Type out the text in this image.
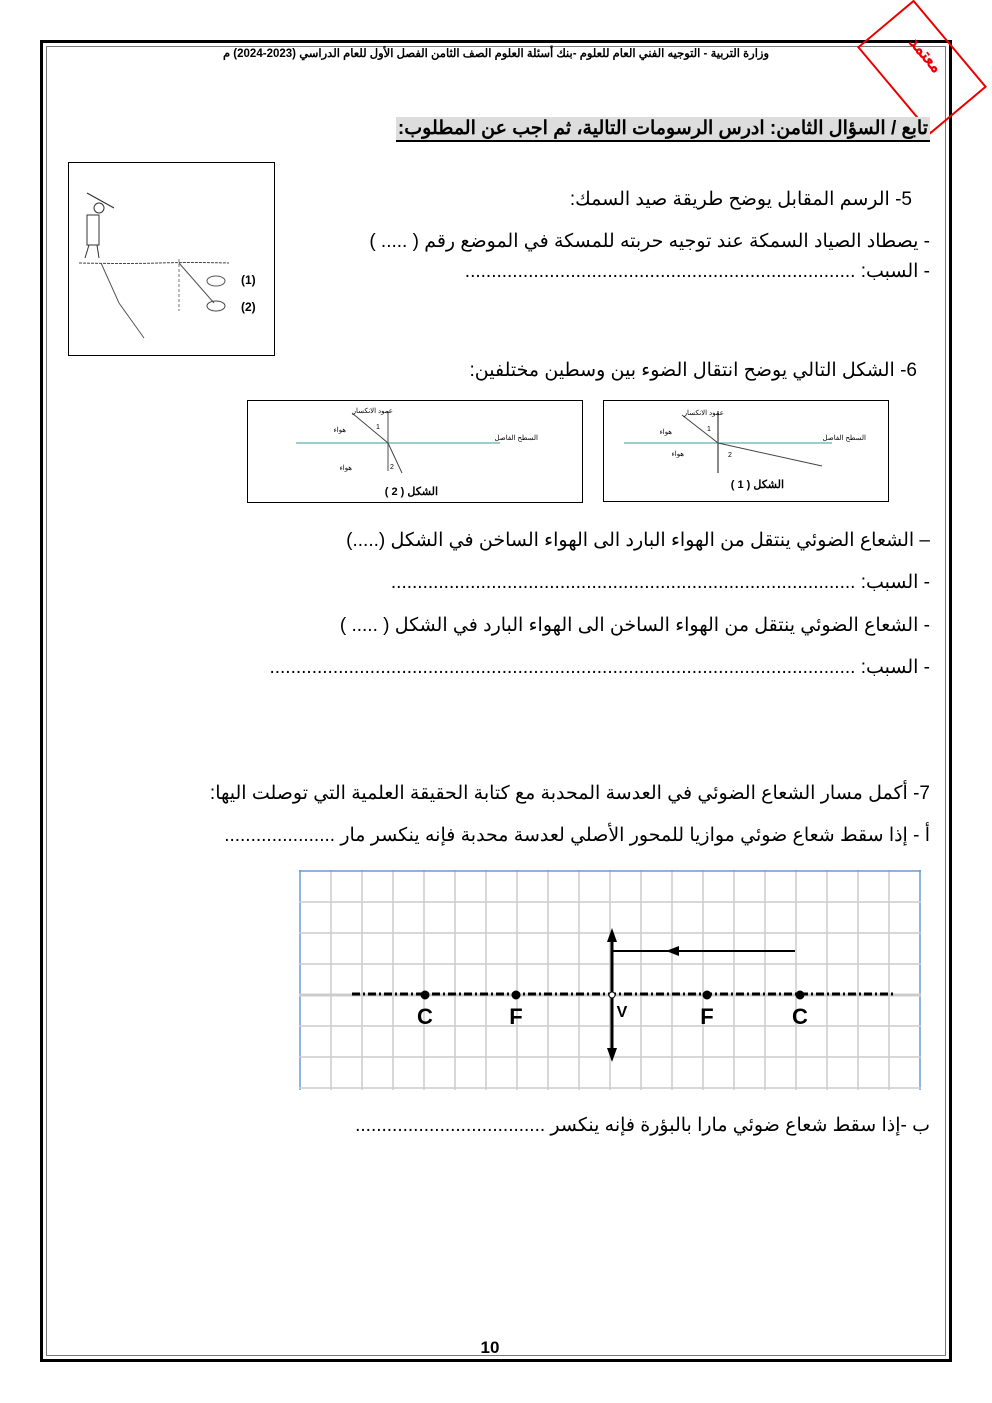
معتمد
وزارة التربية - التوجيه الفني العام للعلوم -بنك أسئلة العلوم الصف الثامن الفصل الأول للعام الدراسي (2023-2024) م
تابع / السؤال الثامن: ادرس الرسومات التالية، ثم اجب عن المطلوب:
(1)
(2)
5- الرسم المقابل يوضح طريقة صيد السمك:
- يصطاد الصياد السمكة عند توجيه حربته للمسكة في الموضع رقم ( ..... )
- السبب: ..........................................................................
6- الشكل التالي يوضح انتقال الضوء بين وسطين مختلفين:
عمود الانكسار
السطح الفاصل
هواء
هواء
1
2
الشكل ( 1 )
عمود الانكسار
السطح الفاصل
هواء
هواء
1
2
الشكل ( 2 )
– الشعاع الضوئي ينتقل من الهواء البارد الى الهواء الساخن في الشكل (.....)
- السبب: ........................................................................................
- الشعاع الضوئي ينتقل من الهواء الساخن الى الهواء البارد في الشكل ( ..... )
- السبب: ...............................................................................................................
7- أكمل مسار الشعاع الضوئي في العدسة المحدبة مع كتابة الحقيقة العلمية التي توصلت اليها:
أ - إذا سقط شعاع ضوئي موازيا للمحور الأصلي لعدسة محدبة فإنه ينكسر مار .....................
C	F	V	F	C
ب -إذا سقط شعاع ضوئي مارا بالبؤرة فإنه ينكسر ....................................
10
